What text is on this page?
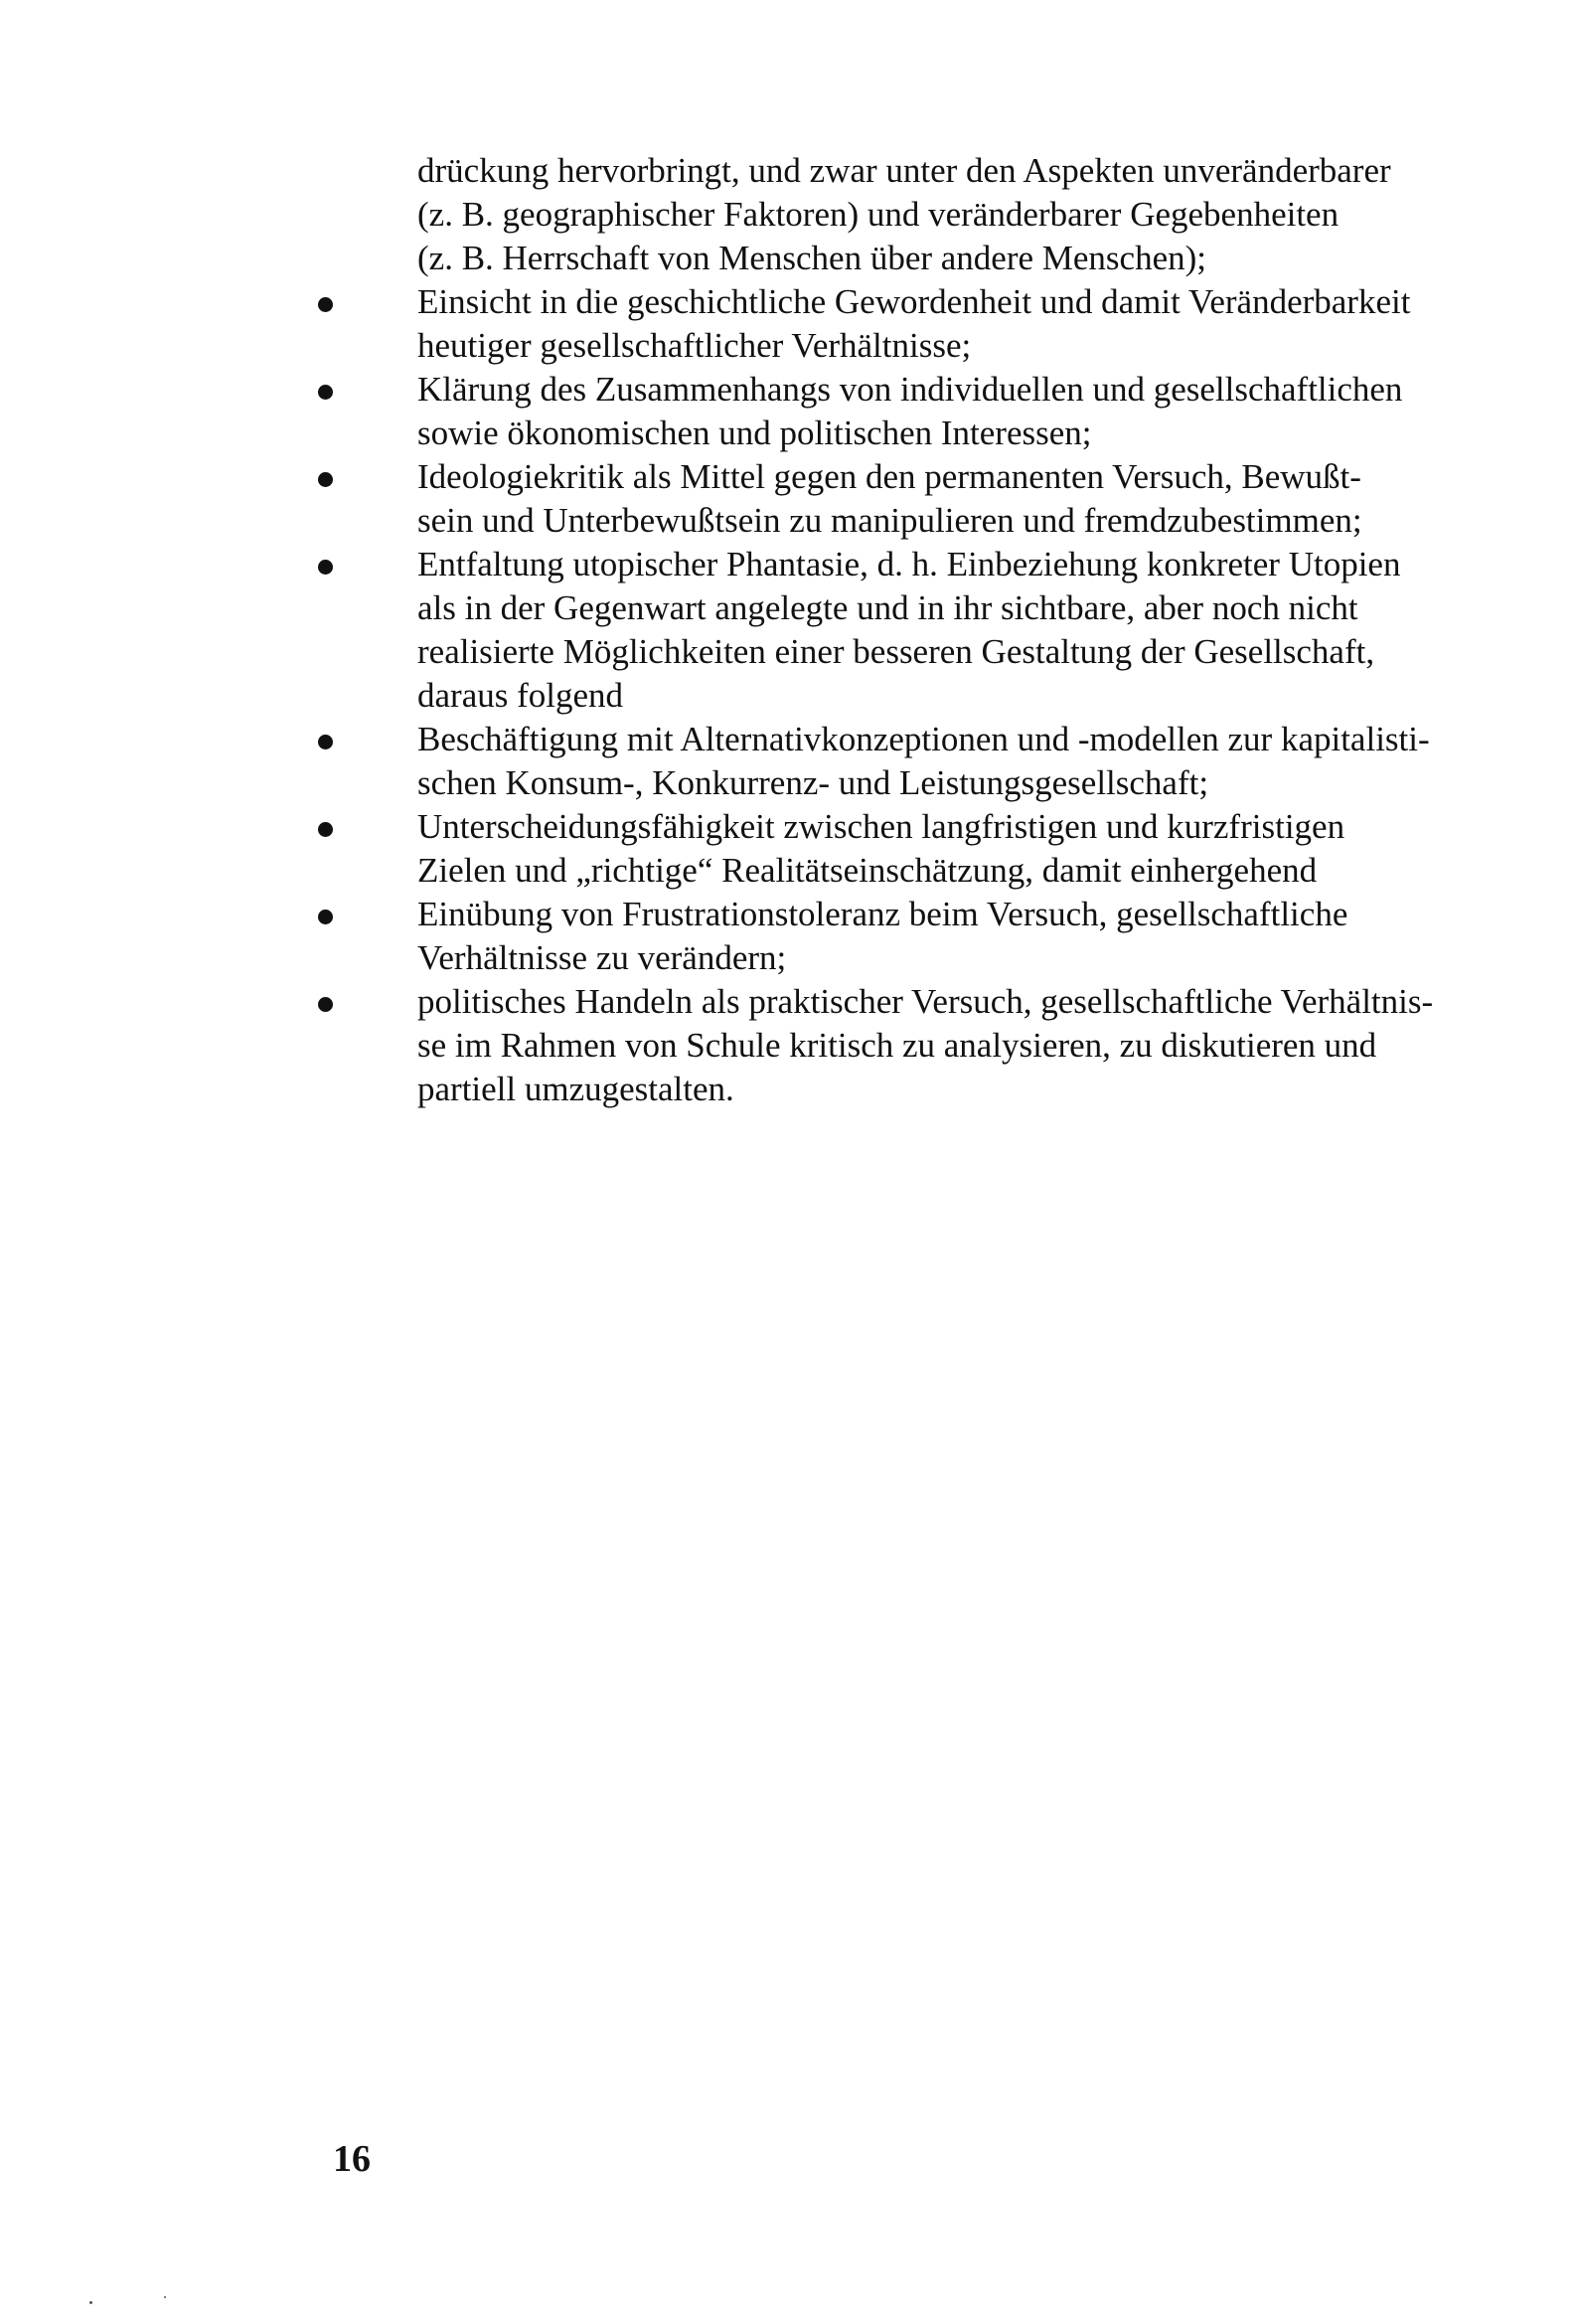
drückung hervorbringt, und zwar unter den Aspekten unveränderbarer
(z. B. geographischer Faktoren) und veränderbarer Gegebenheiten
(z. B. Herrschaft von Menschen über andere Menschen);
Einsicht in die geschichtliche Gewordenheit und damit Veränderbarkeit
heutiger gesellschaftlicher Verhältnisse;
Klärung des Zusammenhangs von individuellen und gesellschaftlichen
sowie ökonomischen und politischen Interessen;
Ideologiekritik als Mittel gegen den permanenten Versuch, Bewußt-
sein und Unterbewußtsein zu manipulieren und fremdzubestimmen;
Entfaltung utopischer Phantasie, d. h. Einbeziehung konkreter Utopien
als in der Gegenwart angelegte und in ihr sichtbare, aber noch nicht
realisierte Möglichkeiten einer besseren Gestaltung der Gesellschaft,
daraus folgend
Beschäftigung mit Alternativkonzeptionen und -modellen zur kapitalisti-
schen Konsum-, Konkurrenz- und Leistungsgesellschaft;
Unterscheidungsfähigkeit zwischen langfristigen und kurzfristigen
Zielen und „richtige“ Realitätseinschätzung, damit einhergehend
Einübung von Frustrationstoleranz beim Versuch, gesellschaftliche
Verhältnisse zu verändern;
politisches Handeln als praktischer Versuch, gesellschaftliche Verhältnis-
se im Rahmen von Schule kritisch zu analysieren, zu diskutieren und
partiell umzugestalten.
16
